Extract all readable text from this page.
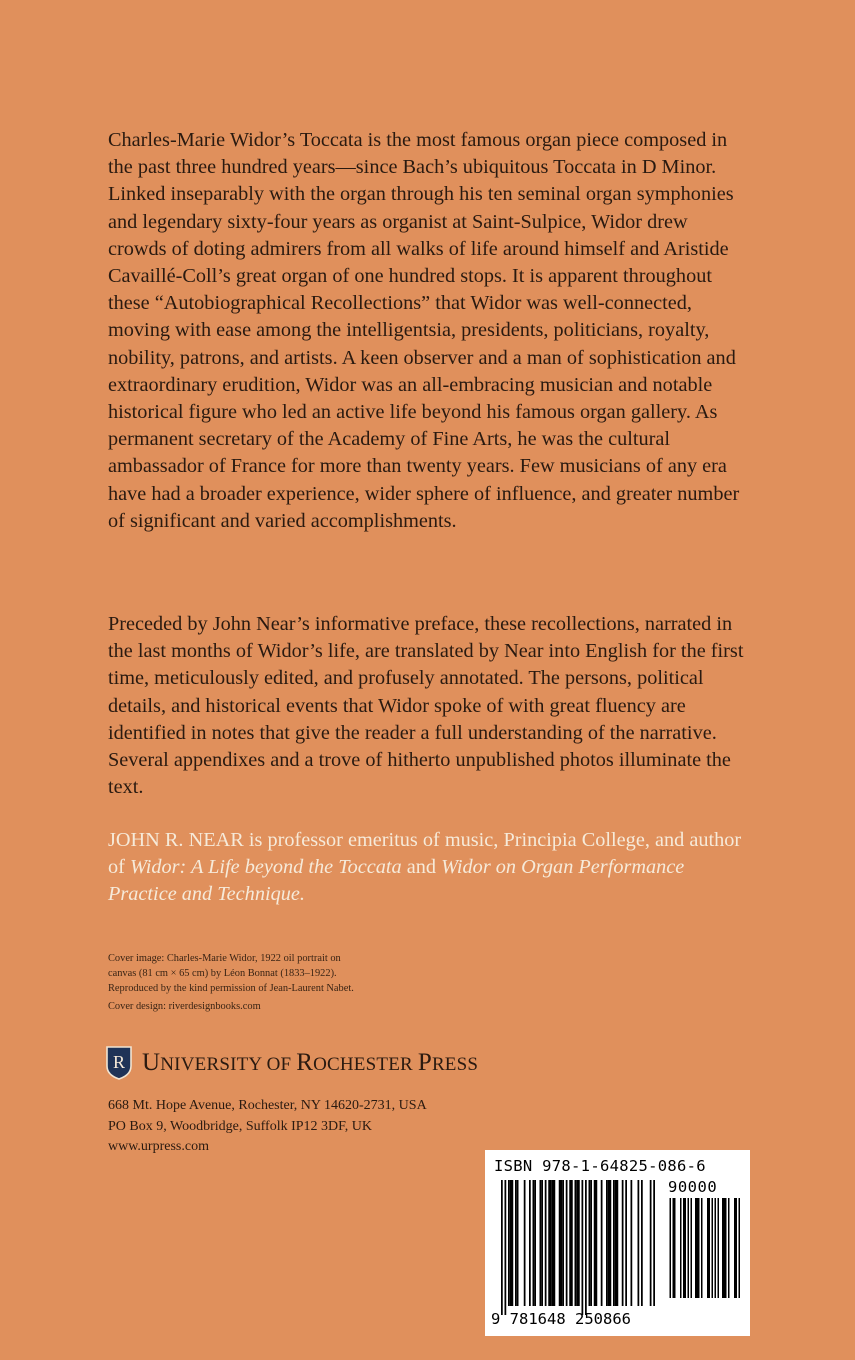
Charles-Marie Widor’s Toccata is the most famous organ piece composed in the past three hundred years—since Bach’s ubiquitous Toccata in D Minor. Linked inseparably with the organ through his ten seminal organ symphonies and legendary sixty-four years as organist at Saint-Sulpice, Widor drew crowds of doting admirers from all walks of life around himself and Aristide Cavaillé-Coll’s great organ of one hundred stops. It is apparent throughout these “Autobiographical Recollections” that Widor was well-connected, moving with ease among the intelligentsia, presidents, politicians, royalty, nobility, patrons, and artists. A keen observer and a man of sophistication and extraordinary erudition, Widor was an all-embracing musician and notable historical figure who led an active life beyond his famous organ gallery. As permanent secretary of the Academy of Fine Arts, he was the cultural ambassador of France for more than twenty years. Few musicians of any era have had a broader experience, wider sphere of influence, and greater number of significant and varied accomplishments.

Preceded by John Near’s informative preface, these recollections, narrated in the last months of Widor’s life, are translated by Near into English for the first time, meticulously edited, and profusely annotated. The persons, political details, and historical events that Widor spoke of with great fluency are identified in notes that give the reader a full understanding of the narrative. Several appendixes and a trove of hitherto unpublished photos illuminate the text.

JOHN R. NEAR is professor emeritus of music, Principia College, and author of Widor: A Life beyond the Toccata and Widor on Organ Performance Practice and Technique.

Cover image: Charles-Marie Widor, 1922 oil portrait on
canvas (81 cm × 65 cm) by Léon Bonnat (1833–1922).
Reproduced by the kind permission of Jean-Laurent Nabet.
Cover design: riverdesignbooks.com
R UNIVERSITY OF ROCHESTER PRESS
668 Mt. Hope Avenue, Rochester, NY 14620-2731, USA
PO Box 9, Woodbridge, Suffolk IP12 3DF, UK
www.urpress.com
ISBN 978-1-64825-086-6
90000
9 781648 250866
